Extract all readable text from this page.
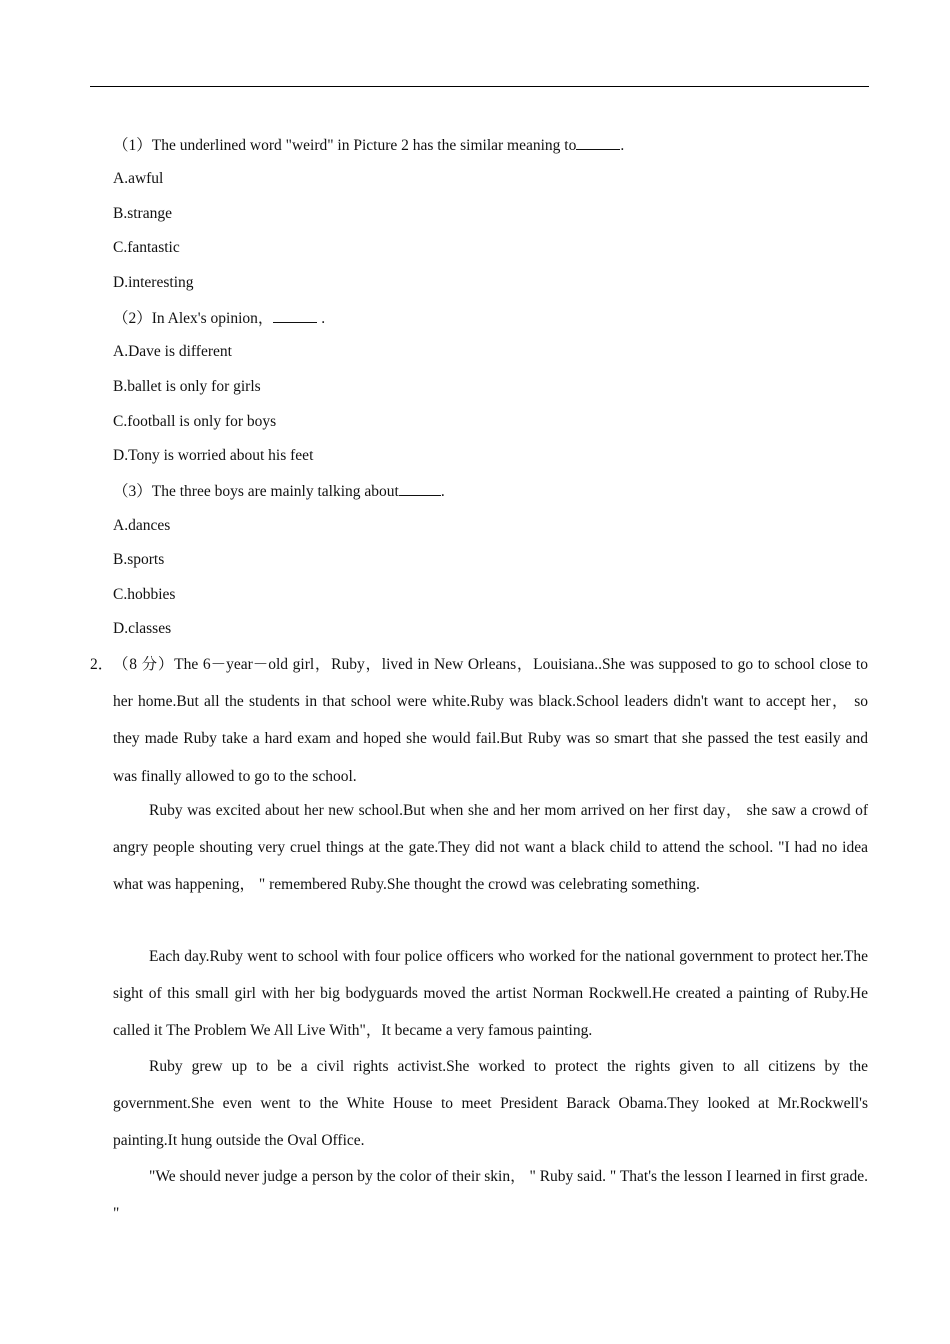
（1）The underlined word "weird" in Picture 2 has the similar meaning to	.
A.awful
B.strange
C.fantastic
D.interesting
（2）In Alex's opinion，	.
A.Dave is different
B.ballet is only for girls
C.football is only for boys
D.Tony is worried about his feet
（3）The three boys are mainly talking about	.
A.dances
B.sports
C.hobbies
D.classes
2． （8 分）The 6－year－old girl，Ruby，lived in New Orleans，Louisiana..She was supposed to go to school close to her home.But all the students in that school were white.Ruby was black.School leaders didn't want to accept her， so they made Ruby take a hard exam and hoped she would fail.But Ruby was so smart that she passed the test easily and was finally allowed to go to the school.

Ruby was excited about her new school.But when she and her mom arrived on her first day， she saw a crowd of angry people shouting very cruel things at the gate.They did not want a black child to attend the school. "I had no idea what was happening， " remembered Ruby.She thought the crowd was celebrating something.

Each day.Ruby went to school with four police officers who worked for the national government to protect her.The sight of this small girl with her big bodyguards moved the artist Norman Rockwell.He created a painting of Ruby.He called it The Problem We All Live With"，It became a very famous painting.

Ruby grew up to be a civil rights activist.She worked to protect the rights given to all citizens by the government.She even went to the White House to meet President Barack Obama.They looked at Mr.Rockwell's painting.It hung outside the Oval Office.

"We should never judge a person by the color of their skin， " Ruby said. " That's the lesson I learned in first grade. "
